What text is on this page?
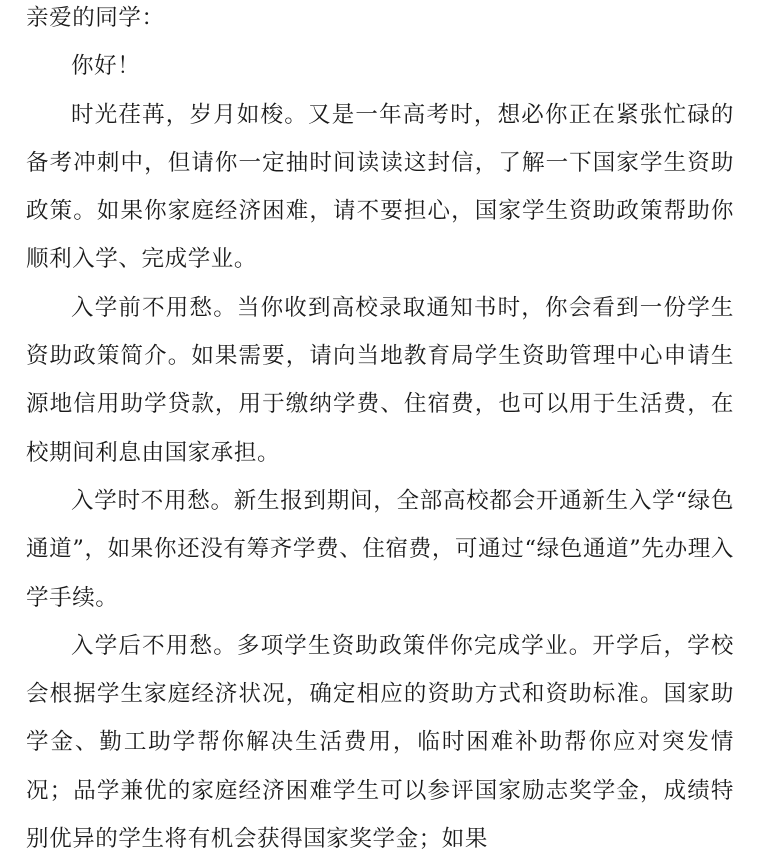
亲爱的同学：

你好！

时光荏苒，岁月如梭。又是一年高考时，想必你正在紧张忙碌的备考冲刺中，但请你一定抽时间读读这封信，了解一下国家学生资助政策。如果你家庭经济困难，请不要担心，国家学生资助政策帮助你顺利入学、完成学业。

入学前不用愁。当你收到高校录取通知书时，你会看到一份学生资助政策简介。如果需要，请向当地教育局学生资助管理中心申请生源地信用助学贷款，用于缴纳学费、住宿费，也可以用于生活费，在校期间利息由国家承担。

入学时不用愁。新生报到期间，全部高校都会开通新生入学“绿色通道”，如果你还没有筹齐学费、住宿费，可通过“绿色通道”先办理入学手续。

入学后不用愁。多项学生资助政策伴你完成学业。开学后，学校会根据学生家庭经济状况，确定相应的资助方式和资助标准。国家助学金、勤工助学帮你解决生活费用，临时困难补助帮你应对突发情况；品学兼优的家庭经济困难学生可以参评国家励志奖学金，成绩特别优异的学生将有机会获得国家奖学金；如果
